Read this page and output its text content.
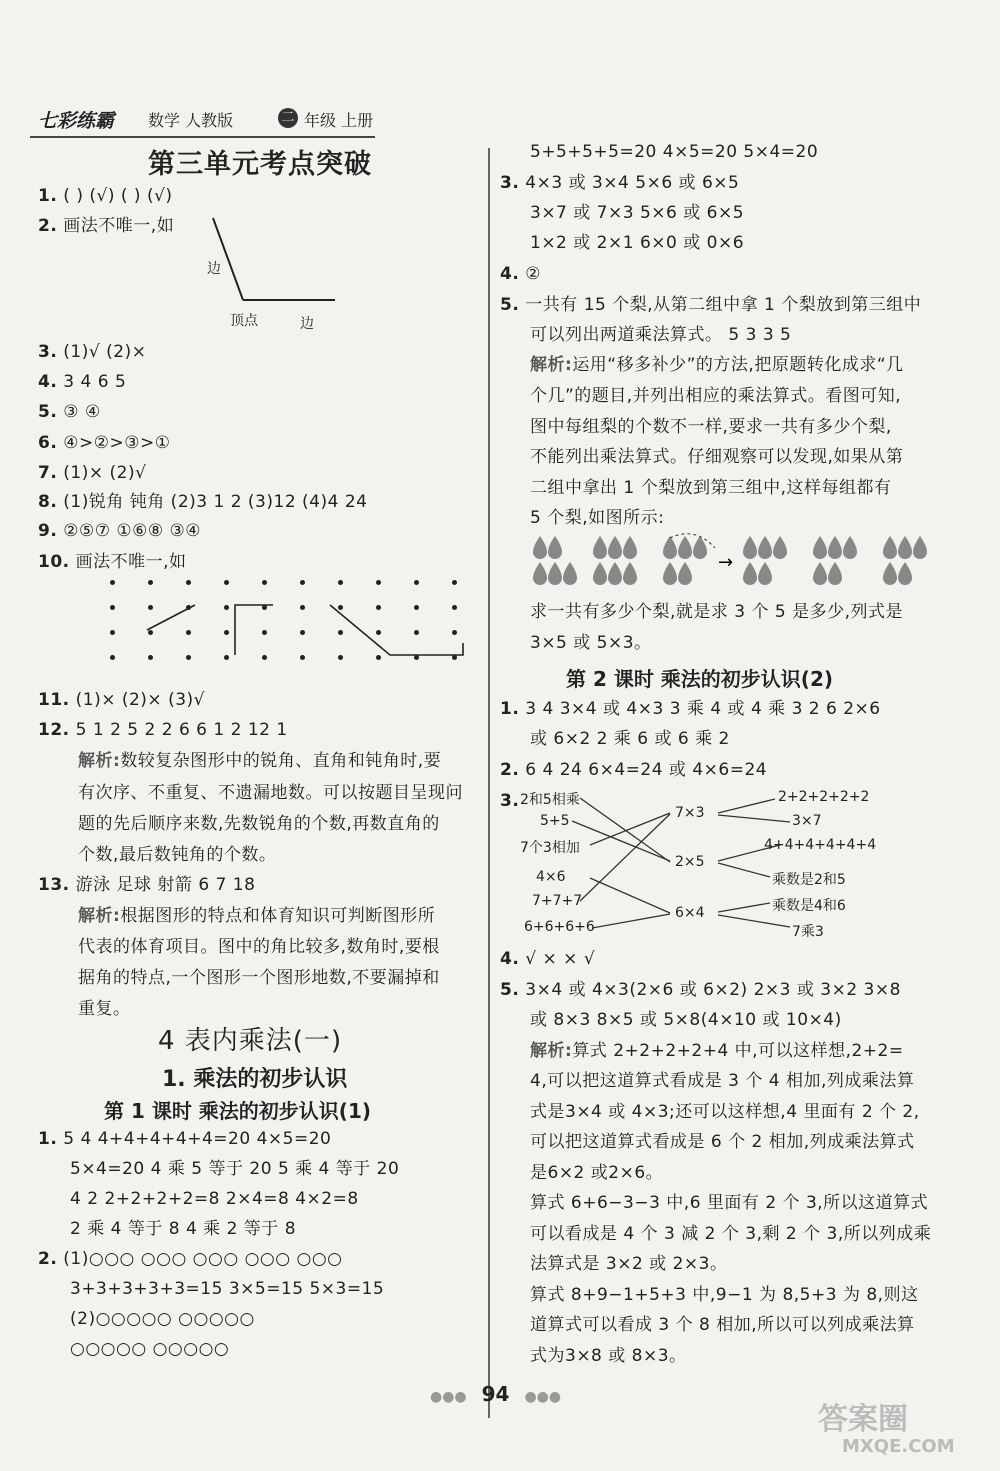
七彩练霸 数学 人教版	二 年级 上册
第三单元考点突破
1. ( ) (√) ( ) (√)
2. 画法不唯一,如
边
顶点	边
3. (1)√ (2)×
4. 3 4 6 5
5. ③ ④
6. ④>②>③>①
7. (1)× (2)√
8. (1)锐角 钝角 (2)3 1 2 (3)12 (4)4 24
9. ②⑤⑦ ①⑥⑧ ③④
10. 画法不唯一,如
11. (1)× (2)× (3)√
12. 5 1 2 5 2 2 6 6 1 2 12 1
解析:数较复杂图形中的锐角、直角和钝角时,要
有次序、不重复、不遗漏地数。可以按题目呈现问
题的先后顺序来数,先数锐角的个数,再数直角的
个数,最后数钝角的个数。
13. 游泳 足球 射箭 6 7 18
解析:根据图形的特点和体育知识可判断图形所
代表的体育项目。图中的角比较多,数角时,要根
据角的特点,一个图形一个图形地数,不要漏掉和
重复。
4 表内乘法(一)
1. 乘法的初步认识
第 1 课时 乘法的初步认识(1)
1. 5 4 4+4+4+4+4=20 4×5=20
5×4=20 4 乘 5 等于 20 5 乘 4 等于 20
4 2 2+2+2+2=8 2×4=8 4×2=8
2 乘 4 等于 8 4 乘 2 等于 8
2. (1)○○○ ○○○ ○○○ ○○○ ○○○
3+3+3+3+3=15 3×5=15 5×3=15
(2)○○○○○ ○○○○○
○○○○○ ○○○○○
5+5+5+5=20 4×5=20 5×4=20
3. 4×3 或 3×4 5×6 或 6×5
3×7 或 7×3 5×6 或 6×5
1×2 或 2×1 6×0 或 0×6
4. ②
5. 一共有 15 个梨,从第二组中拿 1 个梨放到第三组中
可以列出两道乘法算式。 5 3 3 5
解析:运用“移多补少”的方法,把原题转化成求“几
个几”的题目,并列出相应的乘法算式。看图可知,
图中每组梨的个数不一样,要求一共有多少个梨,
不能列出乘法算式。仔细观察可以发现,如果从第
二组中拿出 1 个梨放到第三组中,这样每组都有
5 个梨,如图所示:
→
求一共有多少个梨,就是求 3 个 5 是多少,列式是
3×5 或 5×3。
第 2 课时 乘法的初步认识(2)
1. 3 4 3×4 或 4×3 3 乘 4 或 4 乘 3 2 6 2×6
或 6×2 2 乘 6 或 6 乘 2
2. 6 4 24 6×4=24 或 4×6=24
3. 2和5相乘
5+5
7个3相加
4×6
7+7+7
6+6+6+6
7×3
2×5
6×4
2+2+2+2+2
3×7
4+4+4+4+4+4
乘数是2和5
乘数是4和6
7乘3
4. √ × × √
5. 3×4 或 4×3(2×6 或 6×2) 2×3 或 3×2 3×8
或 8×3 8×5 或 5×8(4×10 或 10×4)
解析:算式 2+2+2+2+4 中,可以这样想,2+2=
4,可以把这道算式看成是 3 个 4 相加,列成乘法算
式是3×4 或 4×3;还可以这样想,4 里面有 2 个 2,
可以把这道算式看成是 6 个 2 相加,列成乘法算式
是6×2 或2×6。
算式 6+6−3−3 中,6 里面有 2 个 3,所以这道算式
可以看成是 4 个 3 减 2 个 3,剩 2 个 3,所以列成乘
法算式是 3×2 或 2×3。
算式 8+9−1+5+3 中,9−1 为 8,5+3 为 8,则这
道算式可以看成 3 个 8 相加,所以可以列成乘法算
式为3×8 或 8×3。
●●● 94 ●●●
答案圈
MXQE.COM
